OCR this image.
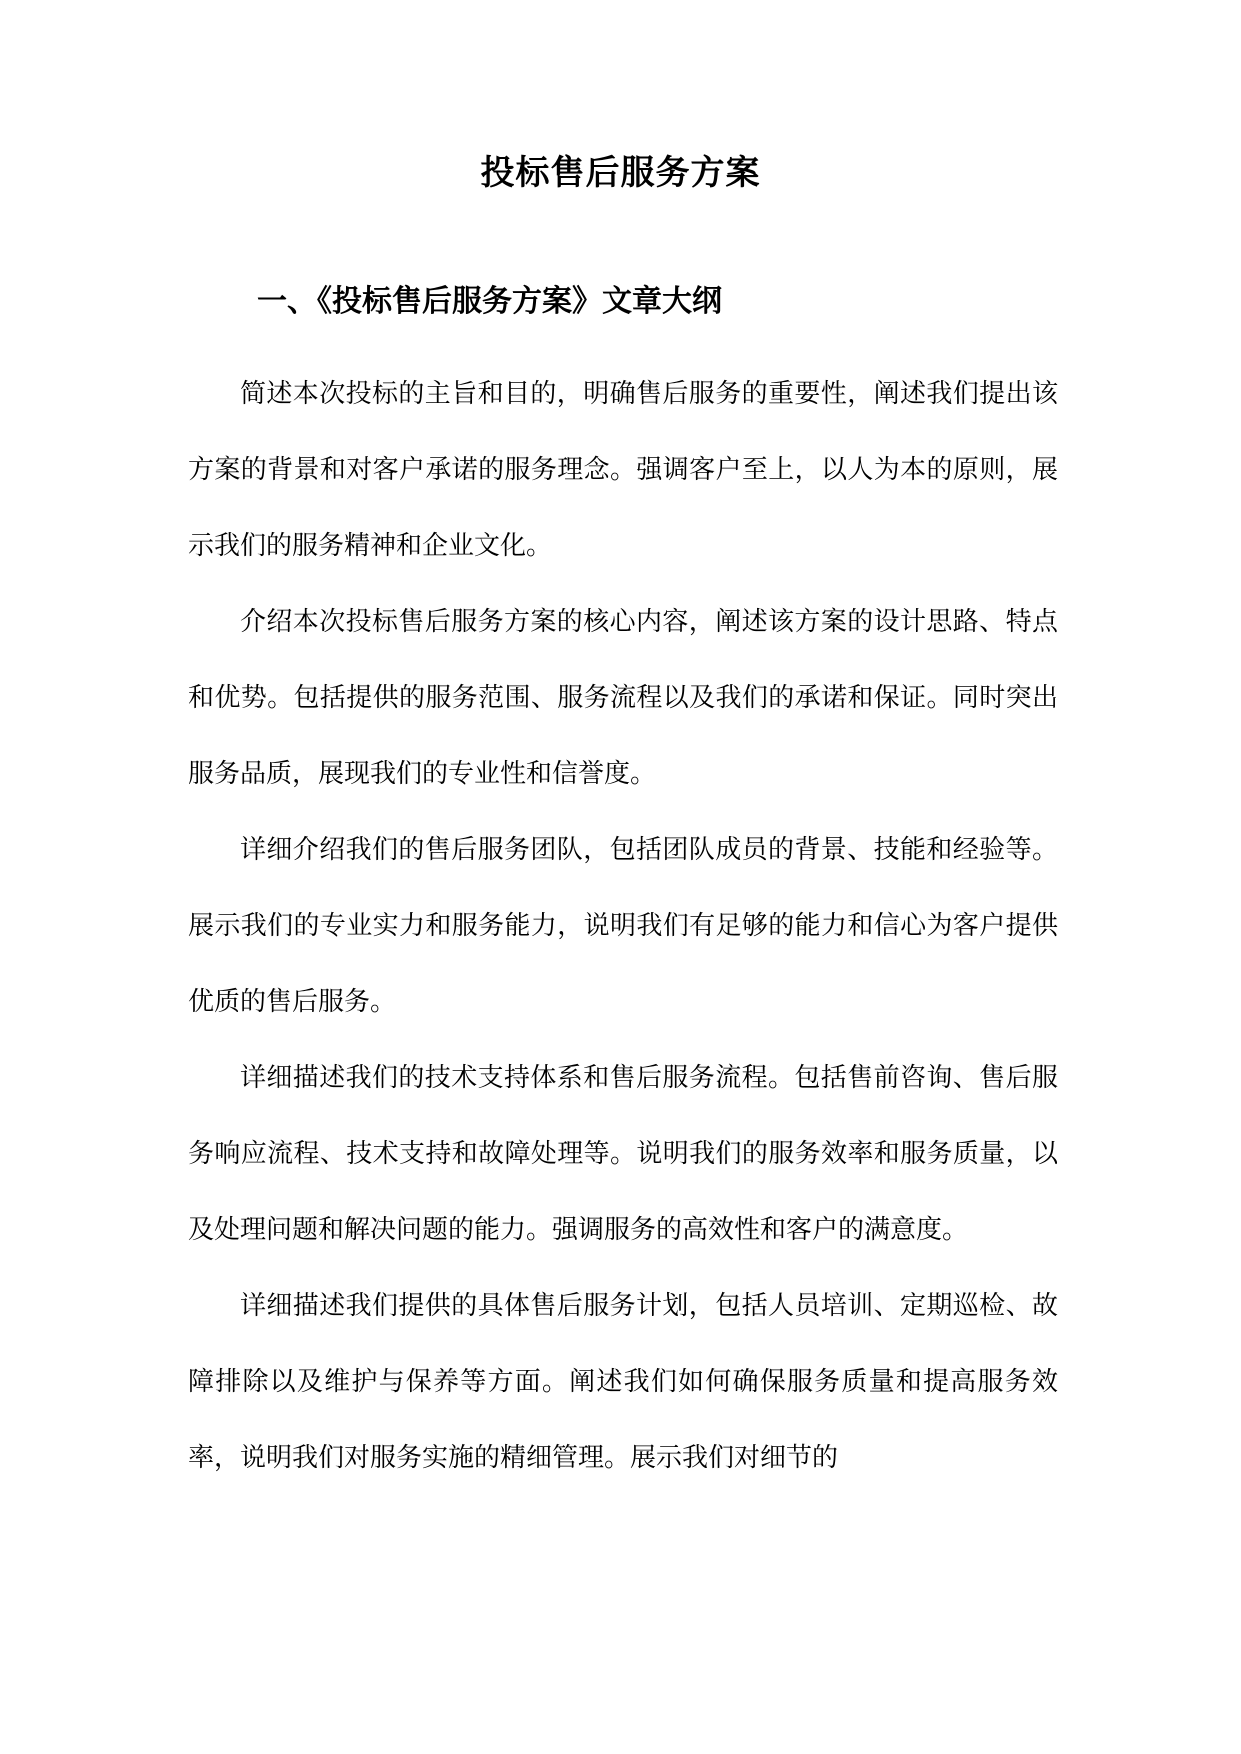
投标售后服务方案
一、《投标售后服务方案》文章大纲

简述本次投标的主旨和目的，明确售后服务的重要性，阐述我们提出该方案的背景和对客户承诺的服务理念。强调客户至上，以人为本的原则，展示我们的服务精神和企业文化。

介绍本次投标售后服务方案的核心内容，阐述该方案的设计思路、特点和优势。包括提供的服务范围、服务流程以及我们的承诺和保证。同时突出服务品质，展现我们的专业性和信誉度。

详细介绍我们的售后服务团队，包括团队成员的背景、技能和经验等。展示我们的专业实力和服务能力，说明我们有足够的能力和信心为客户提供优质的售后服务。

详细描述我们的技术支持体系和售后服务流程。包括售前咨询、售后服务响应流程、技术支持和故障处理等。说明我们的服务效率和服务质量，以及处理问题和解决问题的能力。强调服务的高效性和客户的满意度。

详细描述我们提供的具体售后服务计划，包括人员培训、定期巡检、故障排除以及维护与保养等方面。阐述我们如何确保服务质量和提高服务效率，说明我们对服务实施的精细管理。展示我们对细节的
